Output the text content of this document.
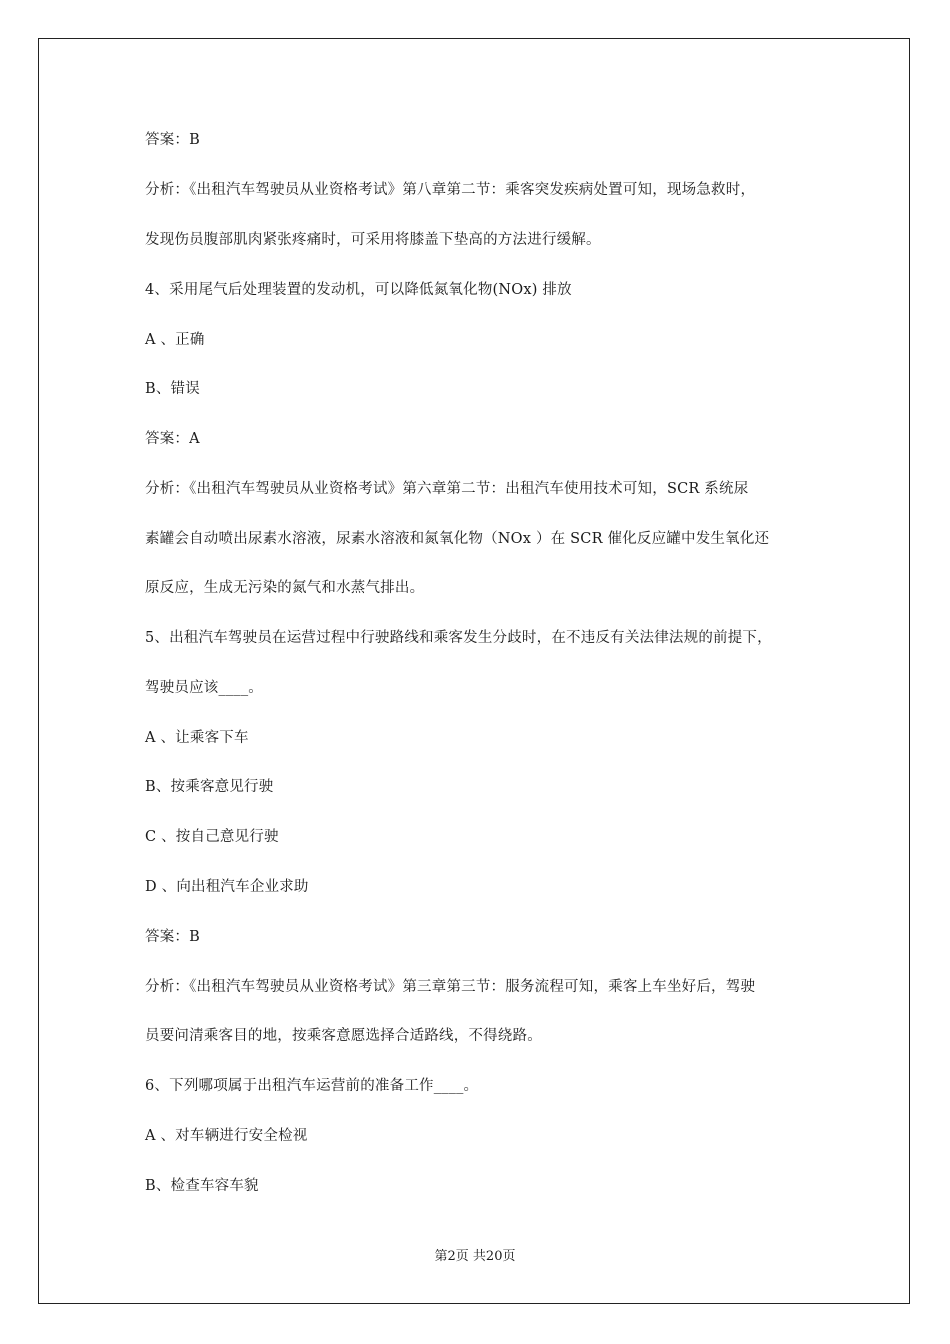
答案：B
分析：《出租汽车驾驶员从业资格考试》第八章第二节：乘客突发疾病处置可知，现场急救时，
发现伤员腹部肌肉紧张疼痛时，可采用将膝盖下垫高的方法进行缓解。
4、采用尾气后处理装置的发动机，可以降低氮氧化物(NOx) 排放
A 、正确
B、错误
答案：A
分析：《出租汽车驾驶员从业资格考试》第六章第二节：出租汽车使用技术可知，SCR 系统尿
素罐会自动喷出尿素水溶液，尿素水溶液和氮氧化物（NOx ）在 SCR 催化反应罐中发生氧化还
原反应，生成无污染的氮气和水蒸气排出。
5、出租汽车驾驶员在运营过程中行驶路线和乘客发生分歧时，在不违反有关法律法规的前提下，
驾驶员应该____。
A 、让乘客下车
B、按乘客意见行驶
C 、按自己意见行驶
D 、向出租汽车企业求助
答案：B
分析：《出租汽车驾驶员从业资格考试》第三章第三节：服务流程可知，乘客上车坐好后，驾驶
员要问清乘客目的地，按乘客意愿选择合适路线，不得绕路。
6、下列哪项属于出租汽车运营前的准备工作____。
A 、对车辆进行安全检视
B、检查车容车貌
第2页 共20页
